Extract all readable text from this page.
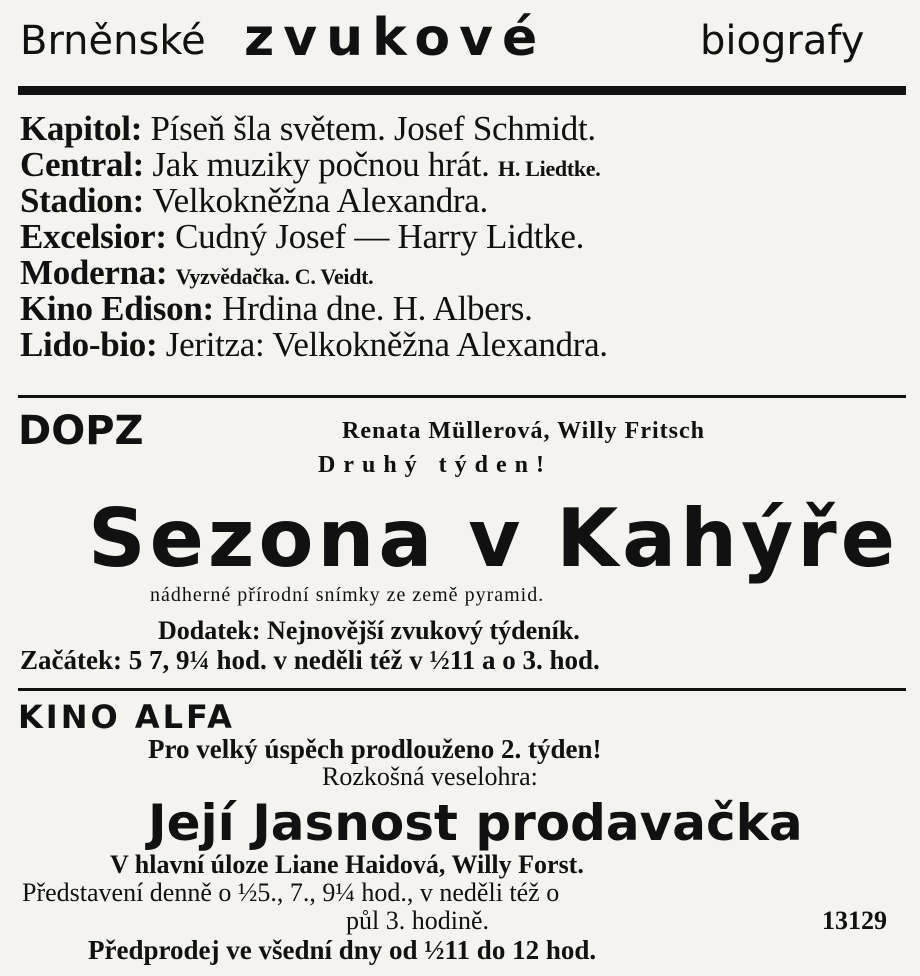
Brněnské zvukové	biografy
Kapitol: Píseň šla světem. Josef Schmidt.
Central: Jak muziky počnou hrát. H. Liedtke.
Stadion: Velkokněžna Alexandra.
Excelsior: Cudný Josef — Harry Lidtke.
Moderna: Vyzvědačka. C. Veidt.
Kino Edison: Hrdina dne. H. Albers.
Lido-bio: Jeritza: Velkokněžna Alexandra.
DOPZ	Renata Müllerová, Willy Fritsch
Druhý týden!
Sezona v Kahýře
nádherné přírodní snímky ze země pyramid.
Dodatek: Nejnovější zvukový týdeník.
Začátek: 5 7, 9¼ hod. v neděli též v ½11 a o 3. hod.
KINO ALFA
Pro velký úspěch prodlouženo 2. týden!
Rozkošná veselohra:
Její Jasnost prodavačka
V hlavní úloze Liane Haidová, Willy Forst.
Představení denně o ½5., 7., 9¼ hod., v neděli též o
půl 3. hodině.	13129
Předprodej ve všední dny od ½11 do 12 hod.
